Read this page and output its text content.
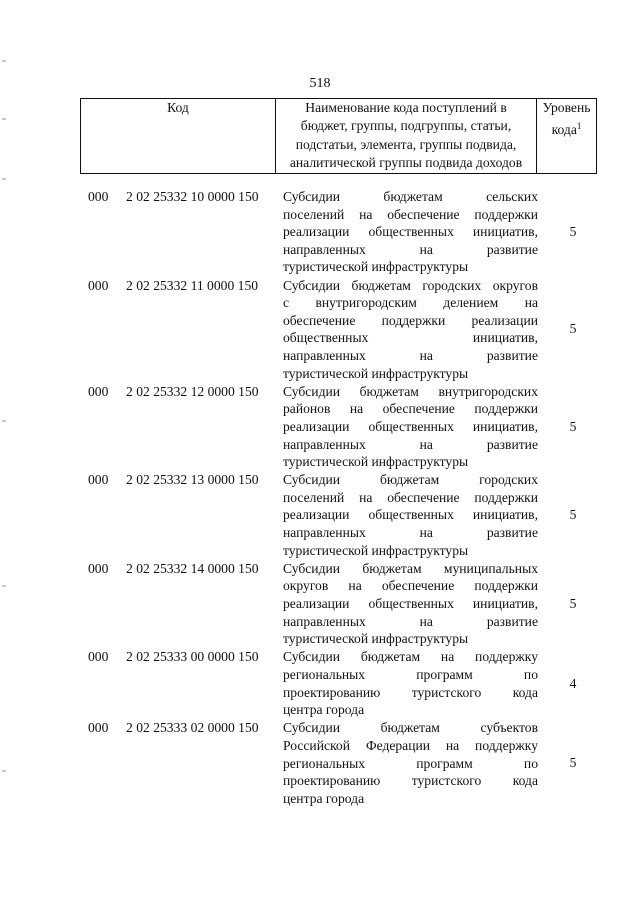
518
Код	Наименование кода поступлений в
бюджет, группы, подгруппы, статьи,
подстатьи, элемента, группы подвида,
аналитической группы подвида доходов

Уровень
кода$^1$
000 2 02 25332 10 0000 150 Субсидии бюджетам сельских
поселений на обеспечение поддержки
реализации общественных инициатив,
направленных на развитие
туристической инфраструктуры
5
000 2 02 25332 11 0000 150 Субсидии бюджетам городских округов
с внутригородским делением на
обеспечение поддержки реализации
общественных инициатив,
направленных на развитие
туристической инфраструктуры
5
000 2 02 25332 12 0000 150 Субсидии бюджетам внутригородских
районов на обеспечение поддержки
реализации общественных инициатив,
направленных на развитие
туристической инфраструктуры
5
000 2 02 25332 13 0000 150 Субсидии бюджетам городских
поселений на обеспечение поддержки
реализации общественных инициатив,
направленных на развитие
туристической инфраструктуры
5
000 2 02 25332 14 0000 150 Субсидии бюджетам муниципальных
округов на обеспечение поддержки
реализации общественных инициатив,
направленных на развитие
туристической инфраструктуры
5
000 2 02 25333 00 0000 150 Субсидии бюджетам на поддержку
региональных программ по
проектированию туристского кода
центра города
4
000 2 02 25333 02 0000 150 Субсидии бюджетам субъектов
Российской Федерации на поддержку
региональных программ по
проектированию туристского кода
центра города
5
